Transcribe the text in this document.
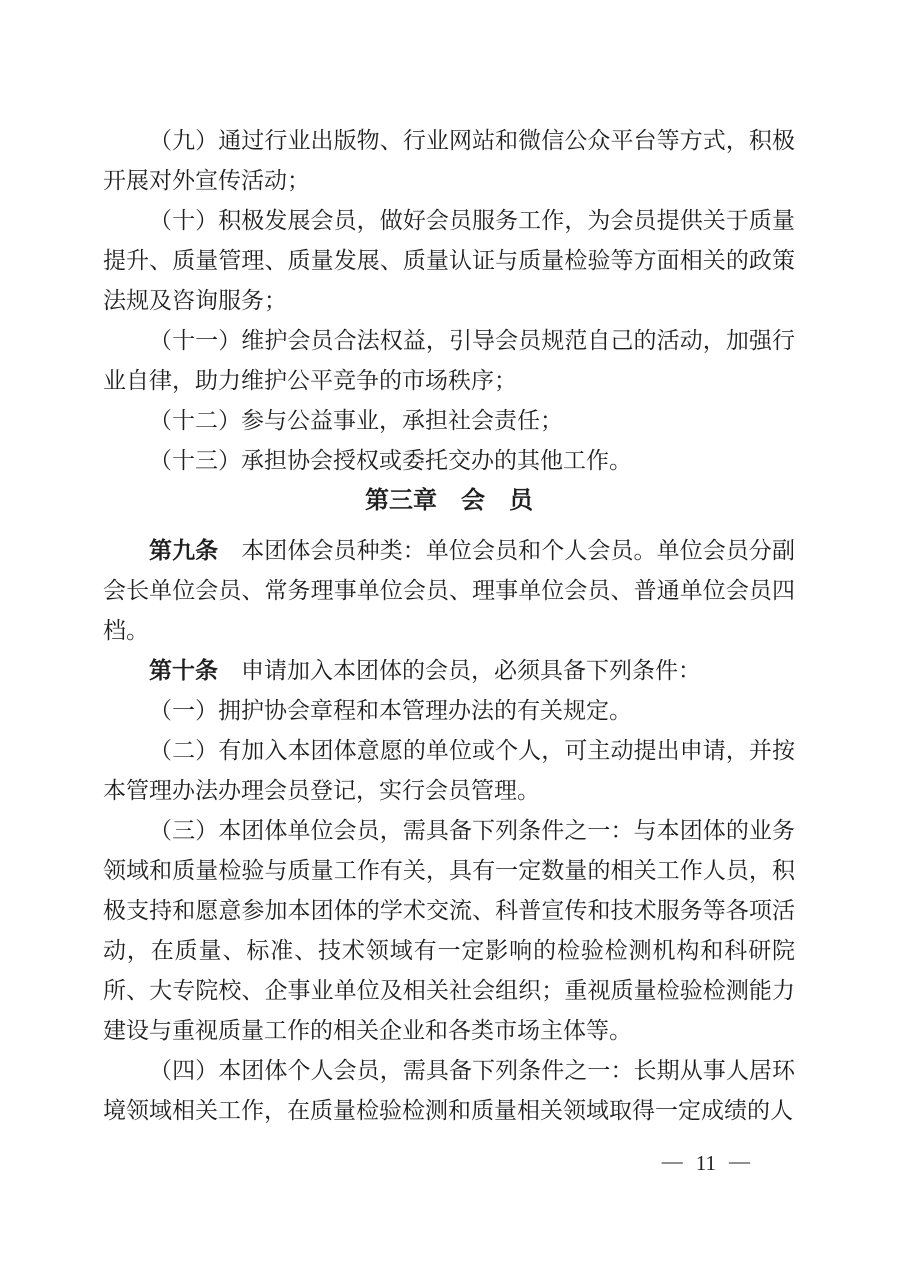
（九）通过行业出版物、行业网站和微信公众平台等方式，积极开展对外宣传活动；

（十）积极发展会员，做好会员服务工作，为会员提供关于质量提升、质量管理、质量发展、质量认证与质量检验等方面相关的政策法规及咨询服务；

（十一）维护会员合法权益，引导会员规范自己的活动，加强行业自律，助力维护公平竞争的市场秩序；

（十二）参与公益事业，承担社会责任；

（十三）承担协会授权或委托交办的其他工作。

第三章　会　员

第九条 本团体会员种类：单位会员和个人会员。单位会员分副会长单位会员、常务理事单位会员、理事单位会员、普通单位会员四档。

第十条 申请加入本团体的会员，必须具备下列条件：

（一）拥护协会章程和本管理办法的有关规定。

（二）有加入本团体意愿的单位或个人，可主动提出申请，并按本管理办法办理会员登记，实行会员管理。

（三）本团体单位会员，需具备下列条件之一：与本团体的业务领域和质量检验与质量工作有关，具有一定数量的相关工作人员，积极支持和愿意参加本团体的学术交流、科普宣传和技术服务等各项活动，在质量、标准、技术领域有一定影响的检验检测机构和科研院所、大专院校、企事业单位及相关社会组织；重视质量检验检测能力建设与重视质量工作的相关企业和各类市场主体等。

（四）本团体个人会员，需具备下列条件之一：长期从事人居环境领域相关工作，在质量检验检测和质量相关领域取得一定成绩的人

— 11 —
